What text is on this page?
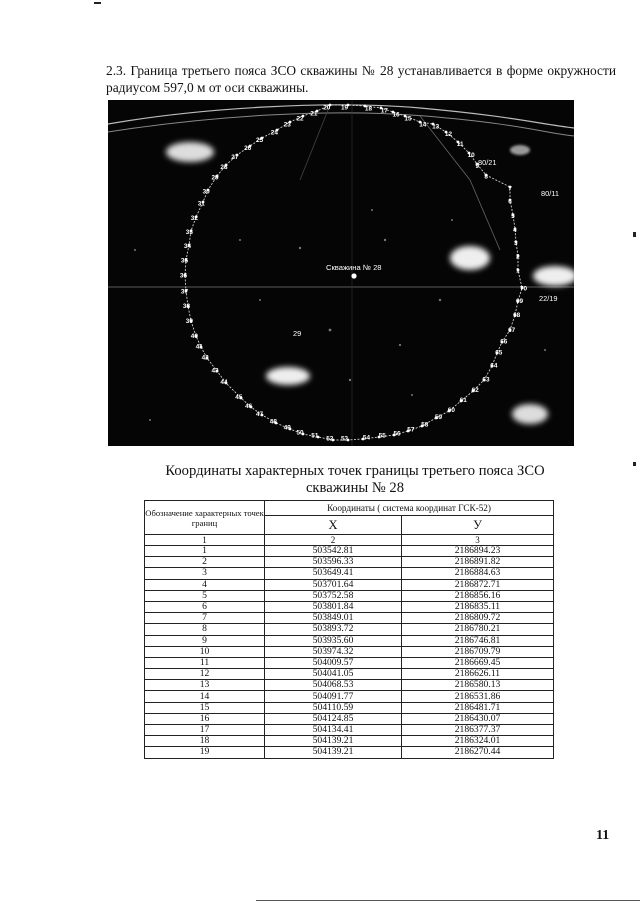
2.3. Граница третьего пояса ЗСО скважины № 28 устанавливается в форме окружности радиусом 597,0 м от оси скважины.

1
2
3
4
5
6
7
8
9
10
11
12
13
14
15
16
17
18
19
20
21
22
23
24
25
26
27
28
29
30
31
32
33
34
35
36
37
38
39
40
41
42
43
44
45
46
47
48
49
50 51 52 53 54 55 56
57
58
59
60
61
62
63
64
65
66
67
68
69
70
Скважина № 28
29
80/21
80/11
22/19

Координаты характерных точек границы третьего пояса ЗСО
скважины № 28

Обозначение характерных точек границ	Координаты ( система координат ГСК-52)	
	X	У
1	2	3
1	503542.81	2186894.23
2	503596.33	2186891.82
3	503649.41	2186884.63
4	503701.64	2186872.71
5	503752.58	2186856.16
6	503801.84	2186835.11
7	503849.01	2186809.72
8	503893.72	2186780.21
9	503935.60	2186746.81
10	503974.32	2186709.79
11	504009.57	2186669.45
12	504041.05	2186626.11
13	504068.53	2186580.13
14	504091.77	2186531.86
15	504110.59	2186481.71
16	504124.85	2186430.07
17	504134.41	2186377.37
18	504139.21	2186324.01
19	504139.21	2186270.44
11
